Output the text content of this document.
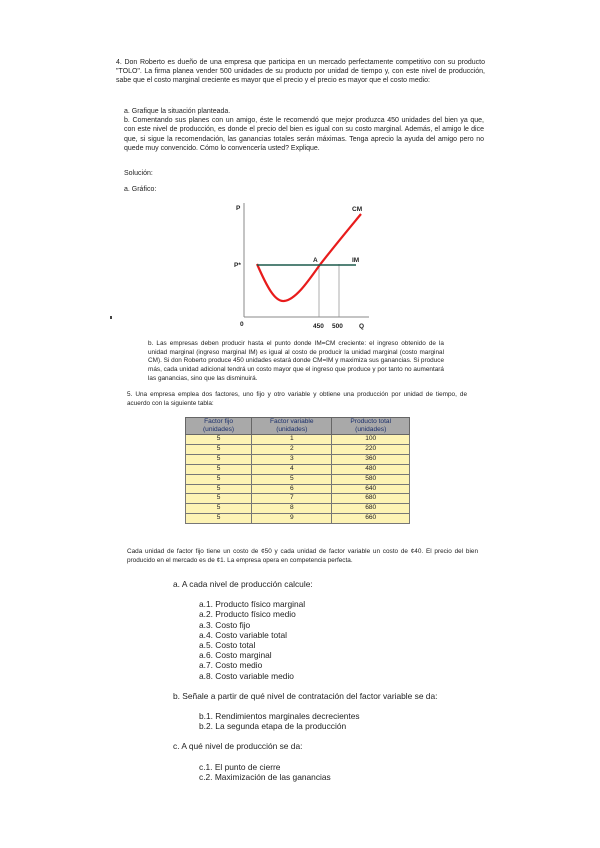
4. Don Roberto es dueño de una empresa que participa en un mercado perfectamente competitivo con su producto "TOLO". La firma planea vender 500 unidades de su producto por unidad de tiempo y, con este nivel de producción, sabe que el costo marginal creciente es mayor que el precio y el precio es mayor que el costo medio:

a. Grafique la situación planteada.

b. Comentando sus planes con un amigo, éste le recomendó que mejor produzca 450 unidades del bien ya que, con este nivel de producción, es donde el precio del bien es igual con su costo marginal. Además, el amigo le dice que, si sigue la recomendación, las ganancias totales serán máximas. Tenga aprecio la ayuda del amigo pero no quede muy convencido. Cómo lo convencería usted? Explique.

Solución:
a. Gráfico:
P
P*
CM
IM
A
0	450 500 Q

b. Las empresas deben producir hasta el punto donde IM=CM creciente: el ingreso obtenido de la unidad marginal (ingreso marginal IM) es igual al costo de producir la unidad marginal (costo marginal CM). Si don Roberto produce 450 unidades estará donde CM=IM y maximiza sus ganancias. Si produce más, cada unidad adicional tendrá un costo mayor que el ingreso que produce y por tanto no aumentará las ganancias, sino que las disminuirá.

5. Una empresa emplea dos factores, uno fijo y otro variable y obtiene una producción por unidad de tiempo, de acuerdo con la siguiente tabla:

Factor fijo (unidades)	Factor variable (unidades)	Producto total (unidades)
5	1	100
5	2	220
5	3	360
5	4	480
5	5	580
5	6	640
5	7	680
5	8	680
5	9	660

Cada unidad de factor fijo tiene un costo de ¢50 y cada unidad de factor variable un costo de ¢40. El precio del bien producido en el mercado es de ¢1. La empresa opera en competencia perfecta.

a. A cada nivel de producción calcule:

a.1. Producto físico marginal

a.2. Producto físico medio

a.3. Costo fijo

a.4. Costo variable total

a.5. Costo total

a.6. Costo marginal

a.7. Costo medio

a.8. Costo variable medio

b. Señale a partir de qué nivel de contratación del factor variable se da:

b.1. Rendimientos marginales decrecientes

b.2. La segunda etapa de la producción

c. A qué nivel de producción se da:

c.1. El punto de cierre

c.2. Maximización de las ganancias
